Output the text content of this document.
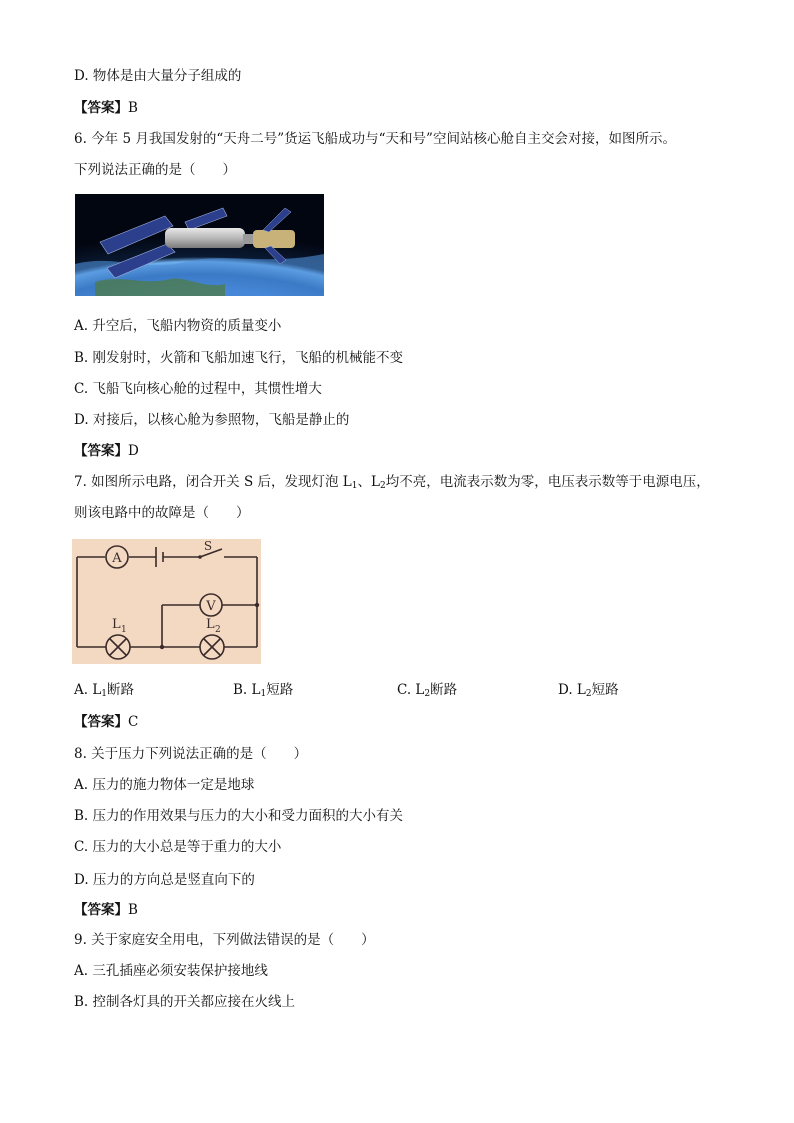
D. 物体是由大量分子组成的
【答案】B
6. 今年 5 月我国发射的“天舟二号”货运飞船成功与“天和号”空间站核心舱自主交会对接，如图所示。
下列说法正确的是（　　）
A. 升空后，飞船内物资的质量变小
B. 刚发射时，火箭和飞船加速飞行，飞船的机械能不变
C. 飞船飞向核心舱的过程中，其惯性增大
D. 对接后，以核心舱为参照物，飞船是静止的
【答案】D
7. 如图所示电路，闭合开关 S 后，发现灯泡 $L_1$、$L_2$均不亮，电流表示数为零，电压表示数等于电源电压，
则该电路中的故障是（　　）
A
V
S
L 1	L 2
A. $L_1$断路	B. $L_1$短路	C. $L_2$断路	D. $L_2$短路
【答案】C
8. 关于压力下列说法正确的是（　　）
A. 压力的施力物体一定是地球
B. 压力的作用效果与压力的大小和受力面积的大小有关
C. 压力的大小总是等于重力的大小
D. 压力的方向总是竖直向下的
【答案】B
9. 关于家庭安全用电，下列做法错误的是（　　）
A. 三孔插座必须安装保护接地线
B. 控制各灯具的开关都应接在火线上
